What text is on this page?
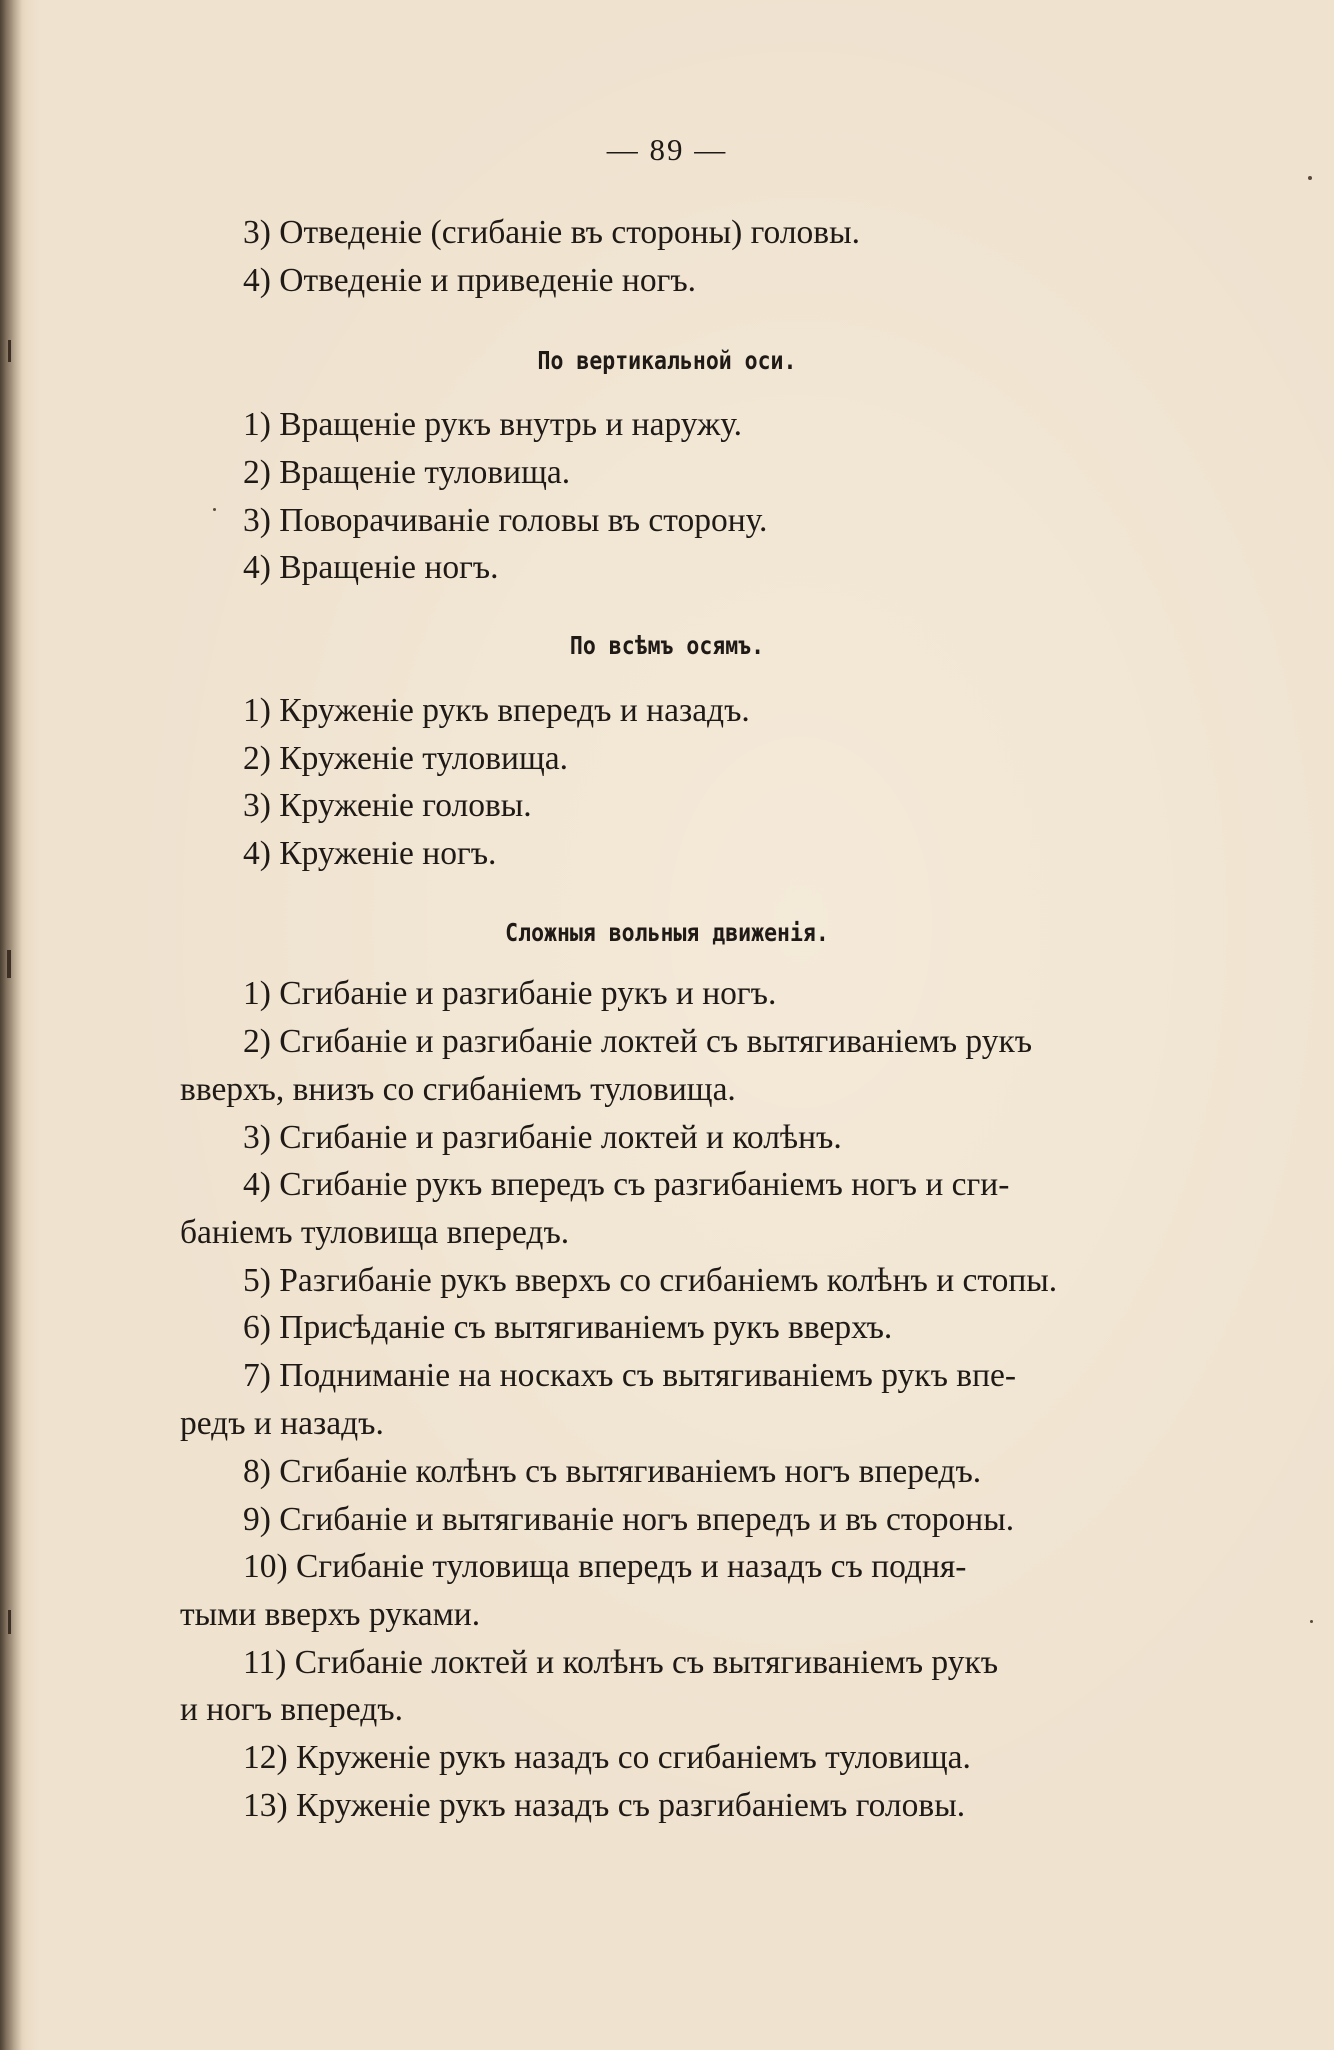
— 89 —
3) Отведеніе (сгибаніе въ стороны) головы.
4) Отведеніе и приведеніе ногъ.
По вертикальной оси.
1) Вращеніе рукъ внутрь и наружу.
2) Вращеніе туловища.
3) Поворачиваніе головы въ сторону.
4) Вращеніе ногъ.
По всѣмъ осямъ.
1) Круженіе рукъ впередъ и назадъ.
2) Круженіе туловища.
3) Круженіе головы.
4) Круженіе ногъ.
Сложныя вольныя движенія.
1) Сгибаніе и разгибаніе рукъ и ногъ.
2) Сгибаніе и разгибаніе локтей съ вытягиваніемъ рукъ
вверхъ, внизъ со сгибаніемъ туловища.
3) Сгибаніе и разгибаніе локтей и колѣнъ.
4) Сгибаніе рукъ впередъ съ разгибаніемъ ногъ и сги-
баніемъ туловища впередъ.
5) Разгибаніе рукъ вверхъ со сгибаніемъ колѣнъ и стопы.
6) Присѣданіе съ вытягиваніемъ рукъ вверхъ.
7) Подниманіе на носкахъ съ вытягиваніемъ рукъ впе-
редъ и назадъ.
8) Сгибаніе колѣнъ съ вытягиваніемъ ногъ впередъ.
9) Сгибаніе и вытягиваніе ногъ впередъ и въ стороны.
10) Сгибаніе туловища впередъ и назадъ съ подня-
тыми вверхъ руками.
11) Сгибаніе локтей и колѣнъ съ вытягиваніемъ рукъ
и ногъ впередъ.
12) Круженіе рукъ назадъ со сгибаніемъ туловища.
13) Круженіе рукъ назадъ съ разгибаніемъ головы.
